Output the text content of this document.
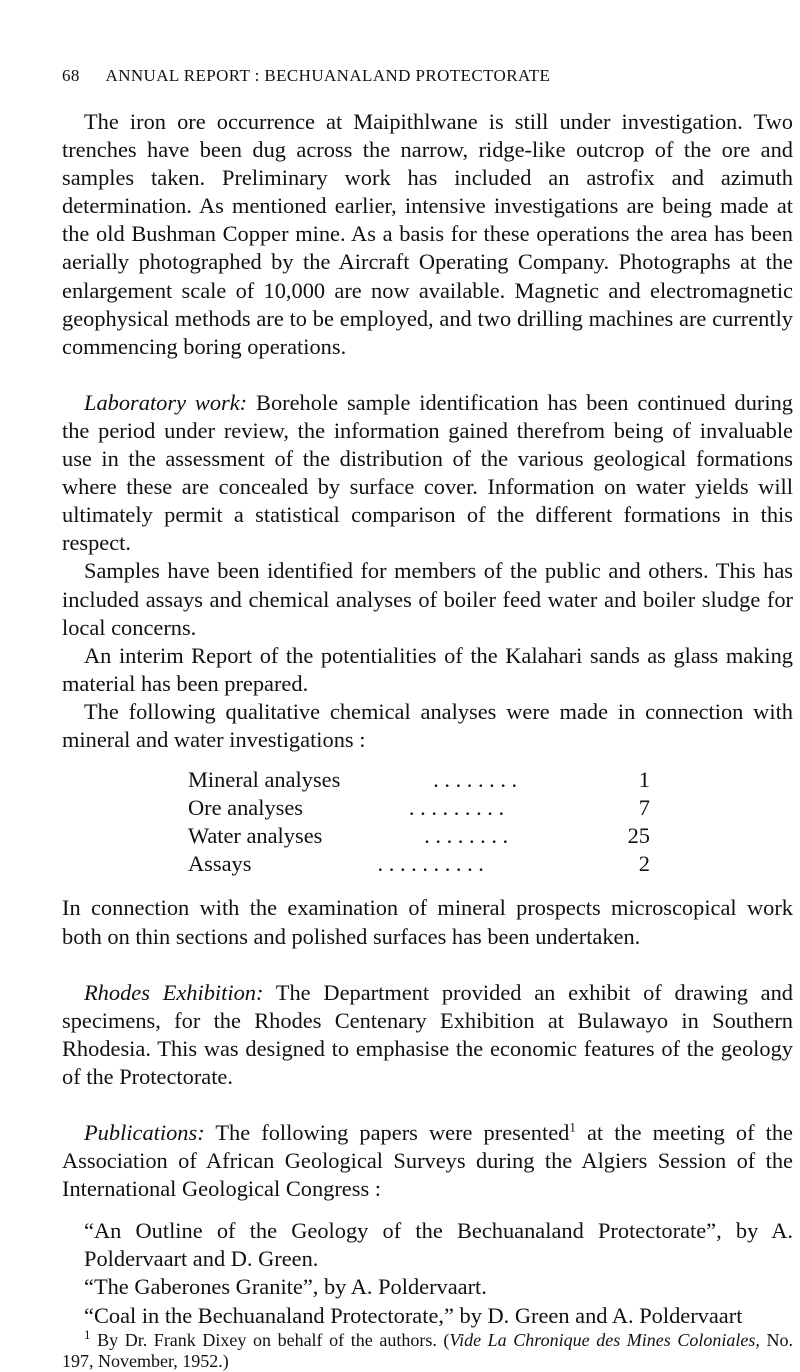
68 ANNUAL REPORT : BECHUANALAND PROTECTORATE

The iron ore occurrence at Maipithlwane is still under investigation. Two trenches have been dug across the narrow, ridge-like outcrop of the ore and samples taken. Preliminary work has included an astrofix and azimuth determination. As mentioned earlier, intensive investigations are being made at the old Bushman Copper mine. As a basis for these operations the area has been aerially photographed by the Aircraft Operating Company. Photographs at the enlargement scale of 10,000 are now available. Magnetic and electromagnetic geophysical methods are to be employed, and two drilling machines are currently commencing boring operations.

Laboratory work: Borehole sample identification has been continued during the period under review, the information gained therefrom being of invaluable use in the assessment of the distribution of the various geological formations where these are concealed by surface cover. Information on water yields will ultimately permit a statistical comparison of the different formations in this respect.

Samples have been identified for members of the public and others. This has included assays and chemical analyses of boiler feed water and boiler sludge for local concerns.

An interim Report of the potentialities of the Kalahari sands as glass making material has been prepared.

The following qualitative chemical analyses were made in connection with mineral and water investigations :

Mineral analyses	. . . . . . . .	1
Ore analyses	. . . . . . . . .	7
Water analyses	. . . . . . . .	25
Assays	. . . . . . . . . .	2

In connection with the examination of mineral prospects microscopical work both on thin sections and polished surfaces has been undertaken.

Rhodes Exhibition: The Department provided an exhibit of drawing and specimens, for the Rhodes Centenary Exhibition at Bulawayo in Southern Rhodesia. This was designed to emphasise the economic features of the geology of the Protectorate.

Publications: The following papers were presented$^1$ at the meeting of the Association of African Geological Surveys during the Algiers Session of the International Geological Congress :

“An Outline of the Geology of the Bechuanaland Protectorate”, by A. Poldervaart and D. Green.

“The Gaberones Granite”, by A. Poldervaart.

“Coal in the Bechuanaland Protectorate,” by D. Green and A. Poldervaart

$^1$ By Dr. Frank Dixey on behalf of the authors. (Vide La Chronique des Mines Coloniales, No. 197, November, 1952.)
